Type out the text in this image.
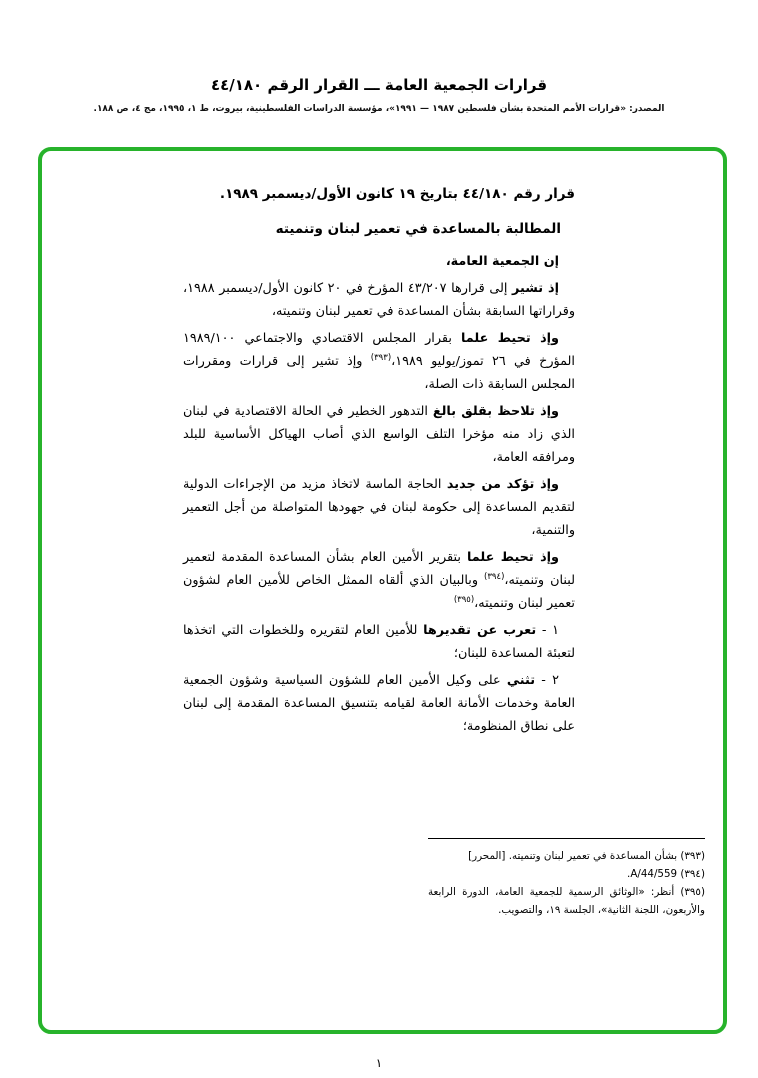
قرارات الجمعية العامة ـــ القرار الرقم ٤٤/١٨٠
المصدر: «قرارات الأمم المتحدة بشأن فلسطين ١٩٨٧ — ١٩٩١»، مؤسسة الدراسات الفلسطينية، بيروت، ط ١، ١٩٩٥، مج ٤، ص ١٨٨.

قرار رقم ٤٤/١٨٠ بتاريخ ١٩ كانون الأول/ديسمبر ١٩٨٩.

المطالبة بالمساعدة في تعمير لبنان وتنميته

إن الجمعية العامة،

إذ تشير إلى قرارها ٤٣/٢٠٧ المؤرخ في ٢٠ كانون الأول/ديسمبر ١٩٨٨، وقراراتها السابقة بشأن المساعدة في تعمير لبنان وتنميته،

وإذ تحيط علما بقرار المجلس الاقتصادي والاجتماعي ١٩٨٩/١٠٠ المؤرخ في ٢٦ تموز/يوليو ١٩٨٩،$^{(٣٩٣)}$ وإذ تشير إلى قرارات ومقررات المجلس السابقة ذات الصلة،

وإذ تلاحظ بقلق بالغ التدهور الخطير في الحالة الاقتصادية في لبنان الذي زاد منه مؤخرا التلف الواسع الذي أصاب الهياكل الأساسية للبلد ومرافقه العامة،

وإذ تؤكد من جديد الحاجة الماسة لاتخاذ مزيد من الإجراءات الدولية لتقديم المساعدة إلى حكومة لبنان في جهودها المتواصلة من أجل التعمير والتنمية،

وإذ تحيط علما بتقرير الأمين العام بشأن المساعدة المقدمة لتعمير لبنان وتنميته،$^{(٣٩٤)}$ وبالبيان الذي ألقاه الممثل الخاص للأمين العام لشؤون تعمير لبنان وتنميته،$^{(٣٩٥)}$

١ - تعرب عن تقديرها للأمين العام لتقريره وللخطوات التي اتخذها لتعبئة المساعدة للبنان؛

٢ - تثني على وكيل الأمين العام للشؤون السياسية وشؤون الجمعية العامة وخدمات الأمانة العامة لقيامه بتنسيق المساعدة المقدمة إلى لبنان على نطاق المنظومة؛

(٣٩٣) بشأن المساعدة في تعمير لبنان وتنميته. [المحرر]

(٣٩٤) A/44/559.

(٣٩٥) أنظر: «الوثائق الرسمية للجمعية العامة، الدورة الرابعة والأربعون، اللجنة الثانية»، الجلسة ١٩، والتصويب.

١
